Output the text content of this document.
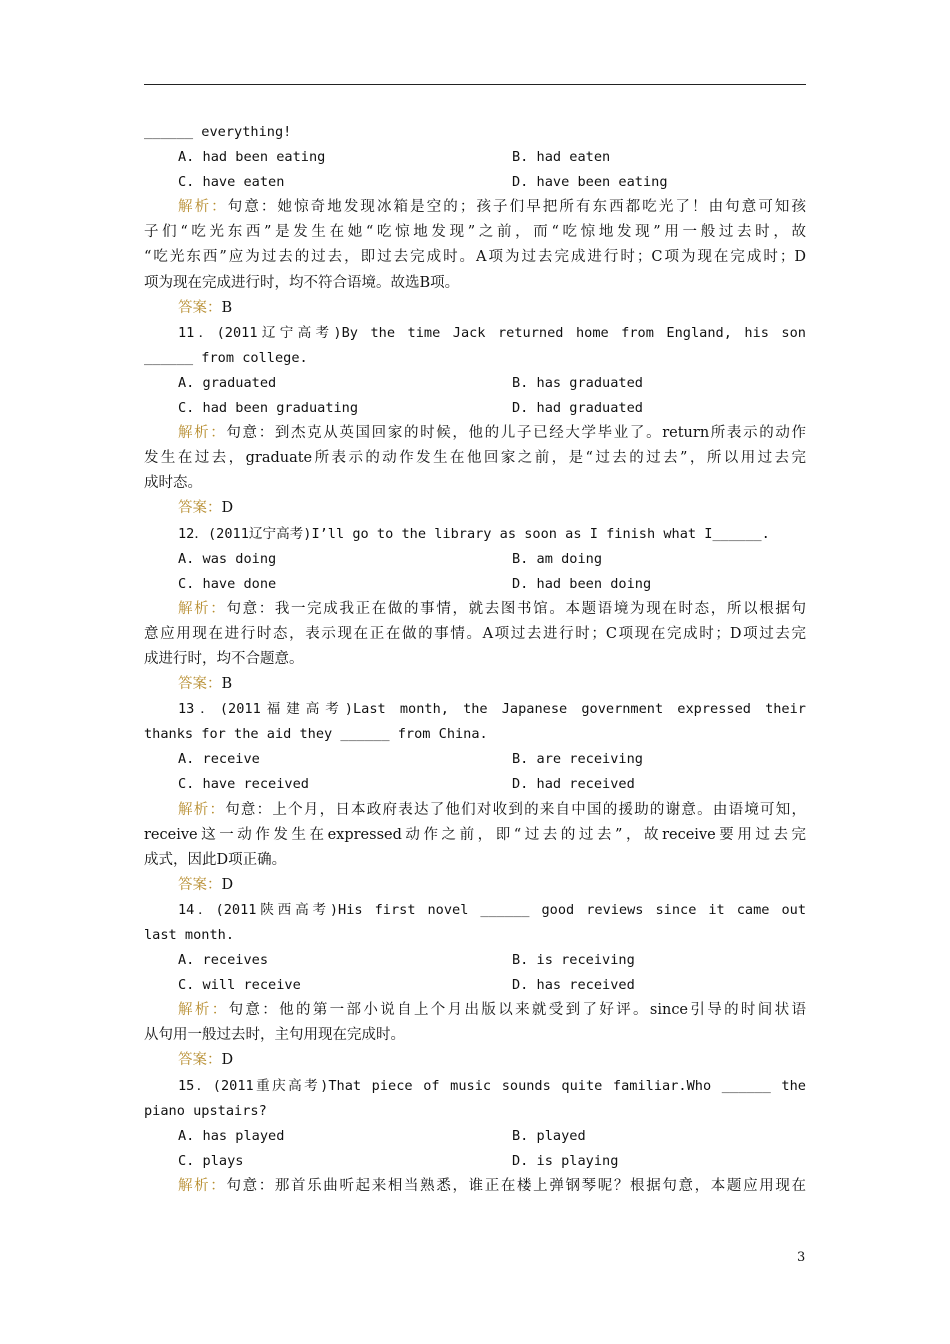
______ everything!
A. had been eating	B. had eaten
C. have eaten	D. have been eating
解析：句意：她惊奇地发现冰箱是空的；孩子们早把所有东西都吃光了！由句意可知孩
子们“吃光东西”是发生在她“吃惊地发现”之前，而“吃惊地发现”用一般过去时，故
“吃光东西”应为过去的过去，即过去完成时。A项为过去完成进行时；C项为现在完成时；D
项为现在完成进行时，均不符合语境。故选B项。
答案：B
11．(2011辽宁高考)By the time Jack returned home from England, his son
______ from college.
A. graduated	B. has graduated
C. had been graduating	D. had graduated
解析：句意：到杰克从英国回家的时候，他的儿子已经大学毕业了。return所表示的动作
发生在过去，graduate所表示的动作发生在他回家之前，是“过去的过去”，所以用过去完
成时态。
答案：D
12．(2011辽宁高考)I’ll go to the library as soon as I finish what I______.
A. was doing	B. am doing
C. have done	D. had been doing
解析：句意：我一完成我正在做的事情，就去图书馆。本题语境为现在时态，所以根据句
意应用现在进行时态，表示现在正在做的事情。A项过去进行时；C项现在完成时；D项过去完
成进行时，均不合题意。
答案：B
13．(2011福建高考)Last month, the Japanese government expressed their
thanks for the aid they ______ from China.
A. receive	B. are receiving
C. have received	D. had received
解析：句意：上个月，日本政府表达了他们对收到的来自中国的援助的谢意。由语境可知，
receive这一动作发生在expressed动作之前，即“过去的过去”，故receive要用过去完
成式，因此D项正确。
答案：D
14．(2011陕西高考)His first novel ______ good reviews since it came out
last month.
A. receives	B. is receiving
C. will receive	D. has received
解析：句意：他的第一部小说自上个月出版以来就受到了好评。since引导的时间状语
从句用一般过去时，主句用现在完成时。
答案：D
15．(2011重庆高考)That piece of music sounds quite familiar.Who ______ the
piano upstairs?
A. has played	B. played
C. plays	D. is playing
解析：句意：那首乐曲听起来相当熟悉，谁正在楼上弹钢琴呢？根据句意，本题应用现在
3
